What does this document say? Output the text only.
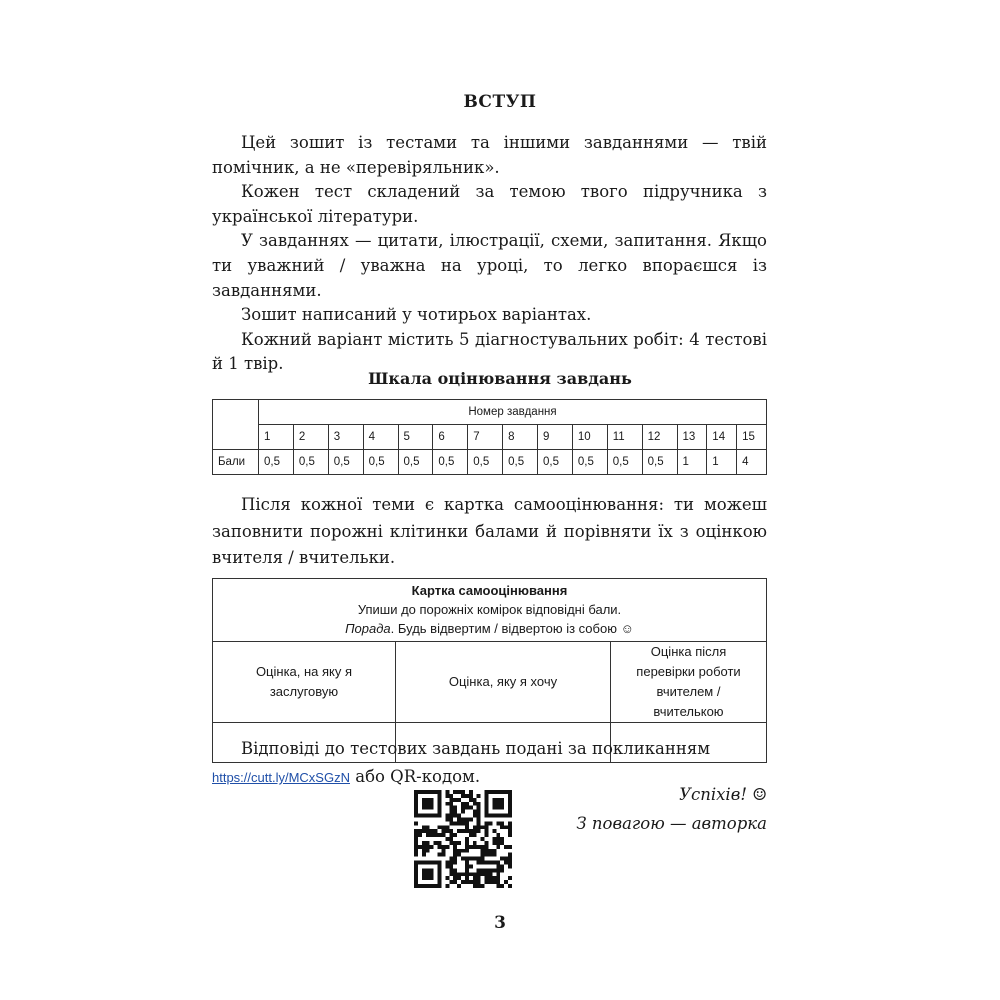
ВСТУП

Цей зошит із тестами та іншими завданнями — твій помічник, а не «перевіряльник».

Кожен тест складений за темою твого підручника з української літератури.

У завданнях — цитати, ілюстрації, схеми, запитання. Якщо ти уважний / уважна на уроці, то легко впораєшся із завданнями.

Зошит написаний у чотирьох варіантах.

Кожний варіант містить 5 діагностувальних робіт: 4 тестові й 1 твір.

Шкала оцінювання завдань
	Номер завдання														
	1	2	3	4	5	6	7	8	9	10	11	12	13	14	15
Бали	0,5	0,5	0,5	0,5	0,5	0,5	0,5	0,5	0,5	0,5	0,5	0,5	1	1	4

Після кожної теми є картка самооцінювання: ти можеш заповнити порожні клітинки балами й порівняти їх з оцінкою вчителя / вчительки.

Картка самооцінювання
Упиши до порожніх комірок відповідні бали.
Порада. Будь відвертим / відвертою із собою ☺		

Оцінка, на яку я заслуговую	Оцінка, яку я хочу	Оцінка після перевірки роботи вчителем / вчителькою

Відповіді до тестових завдань подані за покликанням

https://cutt.ly/MCxSGzN або QR-кодом.

Успіхів! ☺
З повагою — авторка
3
